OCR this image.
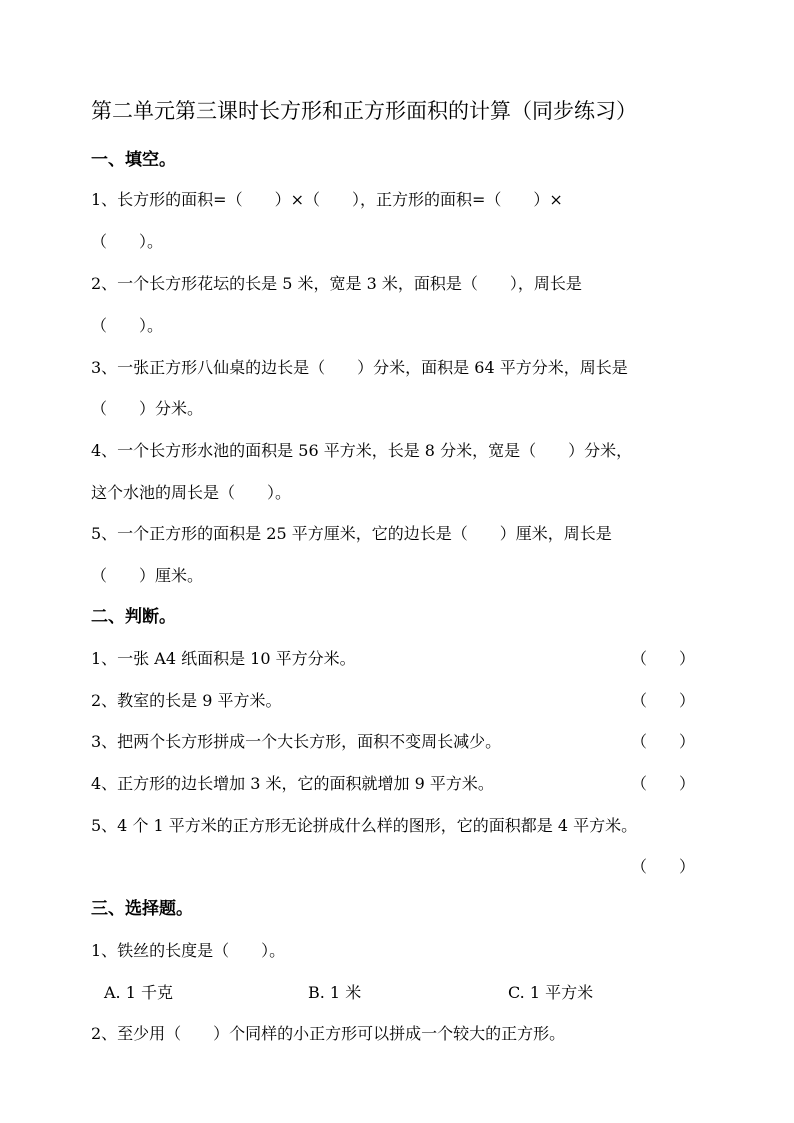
第二单元第三课时长方形和正方形面积的计算（同步练习）
一、填空。
1、长方形的面积=（　　）×（　　），正方形的面积=（　　）×
（　　）。
2、一个长方形花坛的长是 5 米，宽是 3 米，面积是（　　），周长是
（　　）。
3、一张正方形八仙桌的边长是（　　）分米，面积是 64 平方分米，周长是
（　　）分米。
4、一个长方形水池的面积是 56 平方米，长是 8 分米，宽是（　　）分米，
这个水池的周长是（　　）。
5、一个正方形的面积是 25 平方厘米，它的边长是（　　）厘米，周长是
（　　）厘米。
二、判断。
1、一张 A4 纸面积是 10 平方分米。	（　　）
2、教室的长是 9 平方米。	（　　）
3、把两个长方形拼成一个大长方形，面积不变周长减少。	（　　）
4、正方形的边长增加 3 米，它的面积就增加 9 平方米。	（　　）
5、4 个 1 平方米的正方形无论拼成什么样的图形，它的面积都是 4 平方米。
（　　）
三、选择题。
1、铁丝的长度是（　　）。
A. 1 千克	B. 1 米	C. 1 平方米
2、至少用（　　）个同样的小正方形可以拼成一个较大的正方形。
